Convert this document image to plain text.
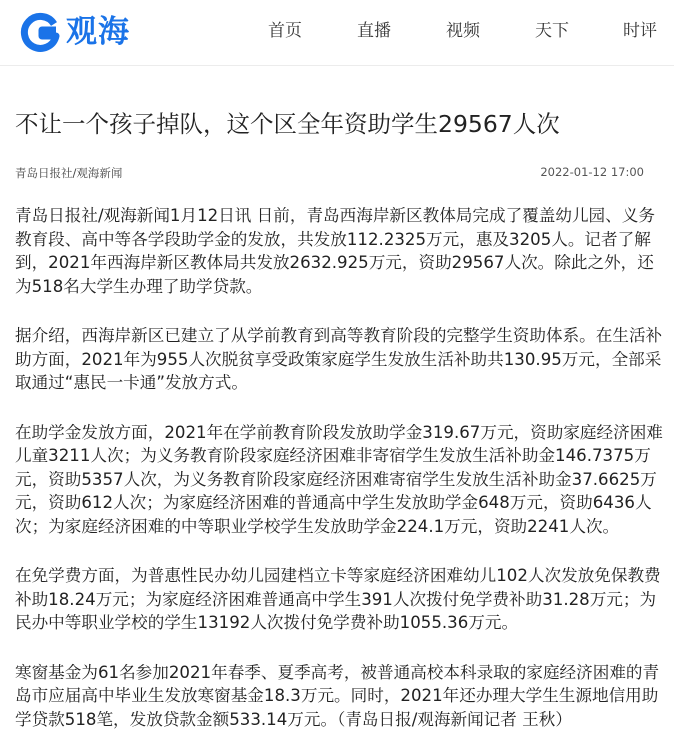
观海	首页	直播	视频	天下	时评
不让一个孩子掉队，这个区全年资助学生29567人次
青岛日报社/观海新闻	2022-01-12 17:00

青岛日报社/观海新闻1月12日讯 日前，青岛西海岸新区教体局完成了覆盖幼儿园、义务教育段、高中等各学段助学金的发放，共发放112.2325万元，惠及3205人。记者了解到，2021年西海岸新区教体局共发放2632.925万元，资助29567人次。除此之外，还为518名大学生办理了助学贷款。

据介绍，西海岸新区已建立了从学前教育到高等教育阶段的完整学生资助体系。在生活补助方面，2021年为955人次脱贫享受政策家庭学生发放生活补助共130.95万元，全部采取通过“惠民一卡通”发放方式。

在助学金发放方面，2021年在学前教育阶段发放助学金319.67万元，资助家庭经济困难儿童3211人次；为义务教育阶段家庭经济困难非寄宿学生发放生活补助金146.7375万元，资助5357人次，为义务教育阶段家庭经济困难寄宿学生发放生活补助金37.6625万元，资助612人次；为家庭经济困难的普通高中学生发放助学金648万元，资助6436人次；为家庭经济困难的中等职业学校学生发放助学金224.1万元，资助2241人次。

在免学费方面，为普惠性民办幼儿园建档立卡等家庭经济困难幼儿102人次发放免保教费补助18.24万元；为家庭经济困难普通高中学生391人次拨付免学费补助31.28万元；为民办中等职业学校的学生13192人次拨付免学费补助1055.36万元。

寒窗基金为61名参加2021年春季、夏季高考，被普通高校本科录取的家庭经济困难的青岛市应届高中毕业生发放寒窗基金18.3万元。同时，2021年还办理大学生生源地信用助学贷款518笔，发放贷款金额533.14万元。（青岛日报/观海新闻记者 王秋）
